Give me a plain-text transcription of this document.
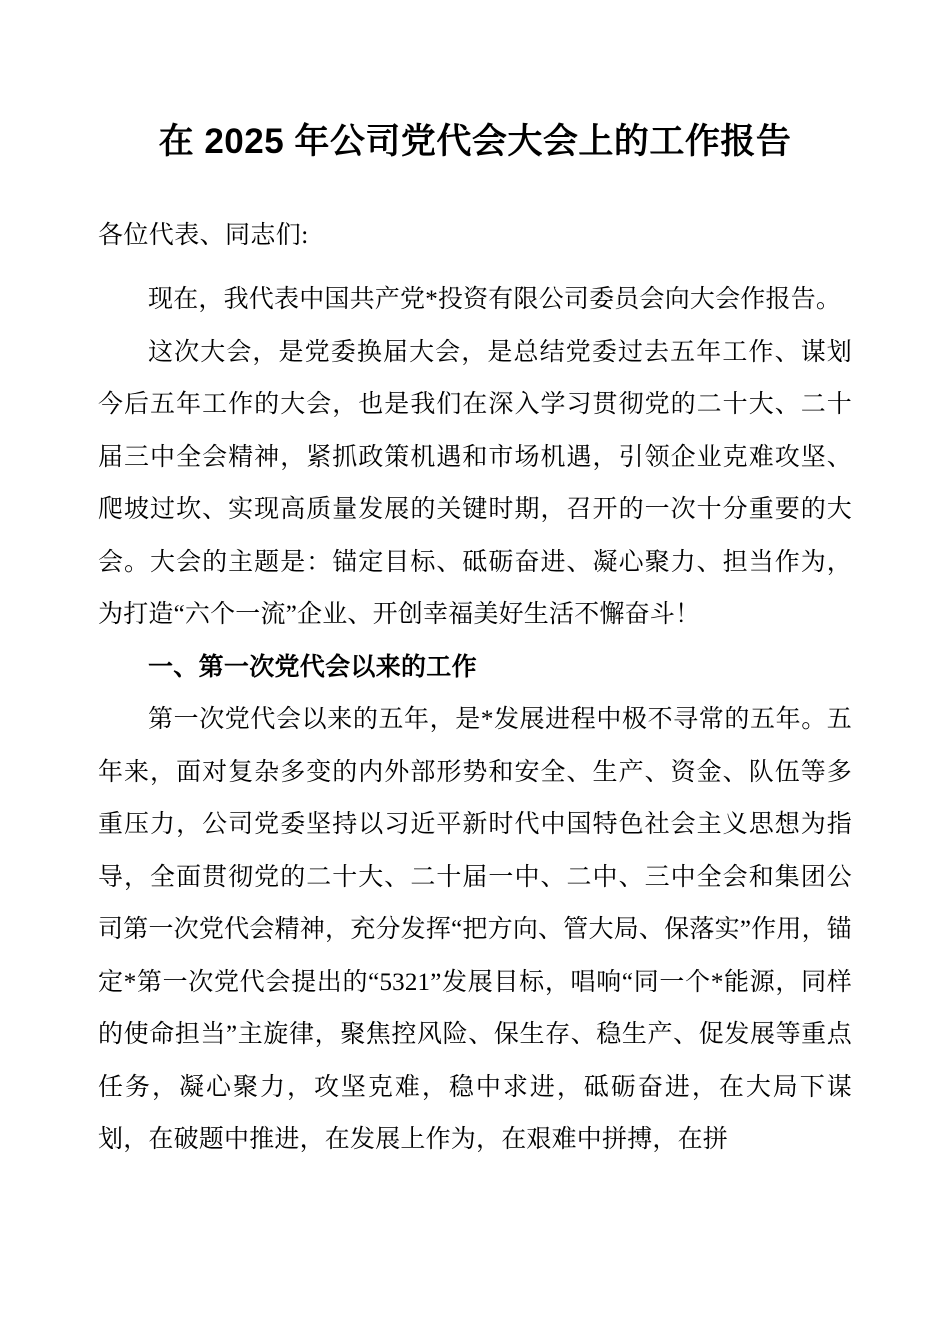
在 2025 年公司党代会大会上的工作报告

各位代表、同志们:

现在，我代表中国共产党*投资有限公司委员会向大会作报告。

这次大会，是党委换届大会，是总结党委过去五年工作、谋划今后五年工作的大会，也是我们在深入学习贯彻党的二十大、二十届三中全会精神，紧抓政策机遇和市场机遇，引领企业克难攻坚、爬坡过坎、实现高质量发展的关键时期，召开的一次十分重要的大会。大会的主题是：锚定目标、砥砺奋进、凝心聚力、担当作为，为打造“六个一流”企业、开创幸福美好生活不懈奋斗！

一、第一次党代会以来的工作

第一次党代会以来的五年，是*发展进程中极不寻常的五年。五年来，面对复杂多变的内外部形势和安全、生产、资金、队伍等多重压力，公司党委坚持以习近平新时代中国特色社会主义思想为指导，全面贯彻党的二十大、二十届一中、二中、三中全会和集团公司第一次党代会精神，充分发挥“把方向、管大局、保落实”作用，锚定*第一次党代会提出的“5321”发展目标，唱响“同一个*能源，同样的使命担当”主旋律，聚焦控风险、保生存、稳生产、促发展等重点任务，凝心聚力，攻坚克难，稳中求进，砥砺奋进，在大局下谋划，在破题中推进，在发展上作为，在艰难中拼搏，在拼
